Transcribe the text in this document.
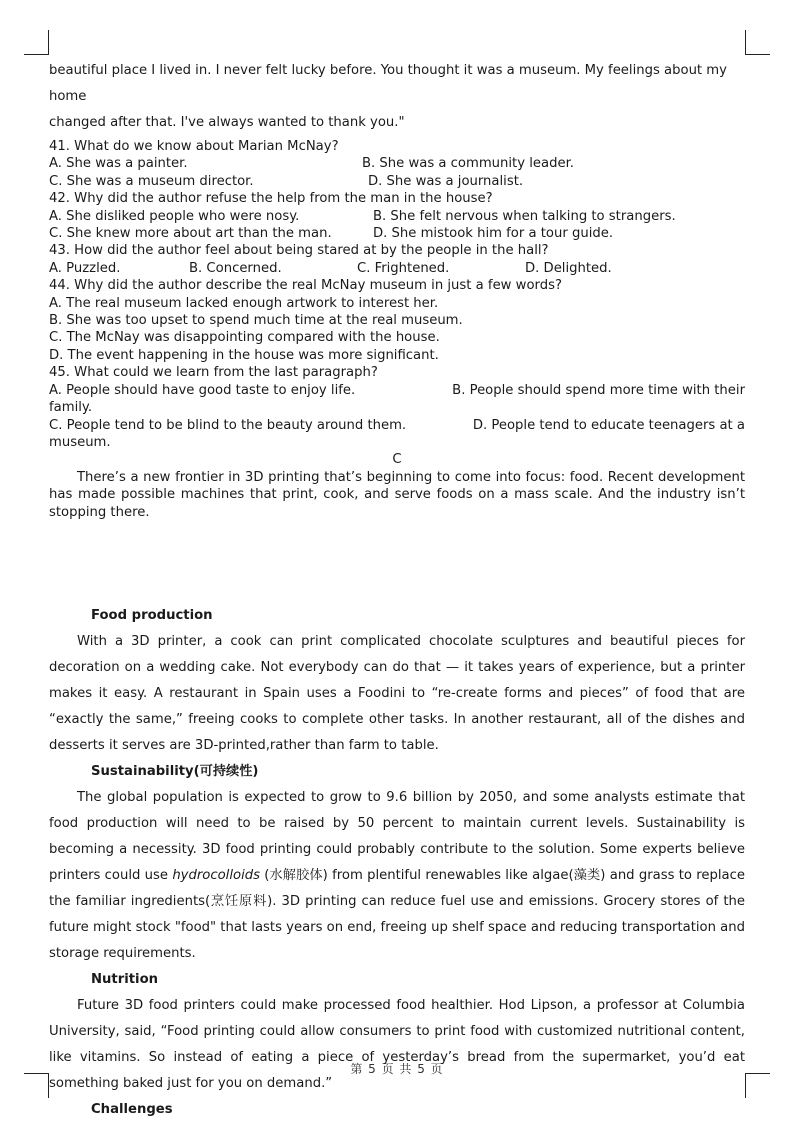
beautiful place I lived in. I never felt lucky before. You thought it was a museum. My feelings about my home
changed after that. I've always wanted to thank you."

41. What do we know about Marian McNay?
A. She was a painter.	B. She was a community leader.
C. She was a museum director.	D. She was a journalist.
42. Why did the author refuse the help from the man in the house?
A. She disliked people who were nosy.	B. She felt nervous when talking to strangers.
C. She knew more about art than the man.	D. She mistook him for a tour guide.
43. How did the author feel about being stared at by the people in the hall?
A. Puzzled.	B. Concerned.	C. Frightened.	D. Delighted.
44. Why did the author describe the real McNay museum in just a few words?
A. The real museum lacked enough artwork to interest her.
B. She was too upset to spend much time at the real museum.
C. The McNay was disappointing compared with the house.
D. The event happening in the house was more significant.
45. What could we learn from the last paragraph?
A. People should have good taste to enjoy life.	B. People should spend more time with their
family.
C. People tend to be blind to the beauty around them.	D. People tend to educate teenagers at a
museum.
C

There’s a new frontier in 3D printing that’s beginning to come into focus: food. Recent development has made possible machines that print, cook, and serve foods on a mass scale. And the industry isn’t stopping there.

Food production

With a 3D printer, a cook can print complicated chocolate sculptures and beautiful pieces for decoration on a wedding cake. Not everybody can do that — it takes years of experience, but a printer makes it easy. A restaurant in Spain uses a Foodini to “re-create forms and pieces” of food that are “exactly the same,” freeing cooks to complete other tasks. In another restaurant, all of the dishes and desserts it serves are 3D-printed,rather than farm to table.

Sustainability(可持续性)

The global population is expected to grow to 9.6 billion by 2050, and some analysts estimate that food production will need to be raised by 50 percent to maintain current levels. Sustainability is becoming a necessity. 3D food printing could probably contribute to the solution. Some experts believe printers could use hydrocolloids (水解胶体) from plentiful renewables like algae(藻类) and grass to replace the familiar ingredients(烹饪原料). 3D printing can reduce fuel use and emissions. Grocery stores of the future might stock "food" that lasts years on end, freeing up shelf space and reducing transportation and storage requirements.

Nutrition

Future 3D food printers could make processed food healthier. Hod Lipson, a professor at Columbia University, said, “Food printing could allow consumers to print food with customized nutritional content, like vitamins. So instead of eating a piece of yesterday’s bread from the supermarket, you’d eat something baked just for you on demand.”

Challenges
第 5 页 共 5 页
